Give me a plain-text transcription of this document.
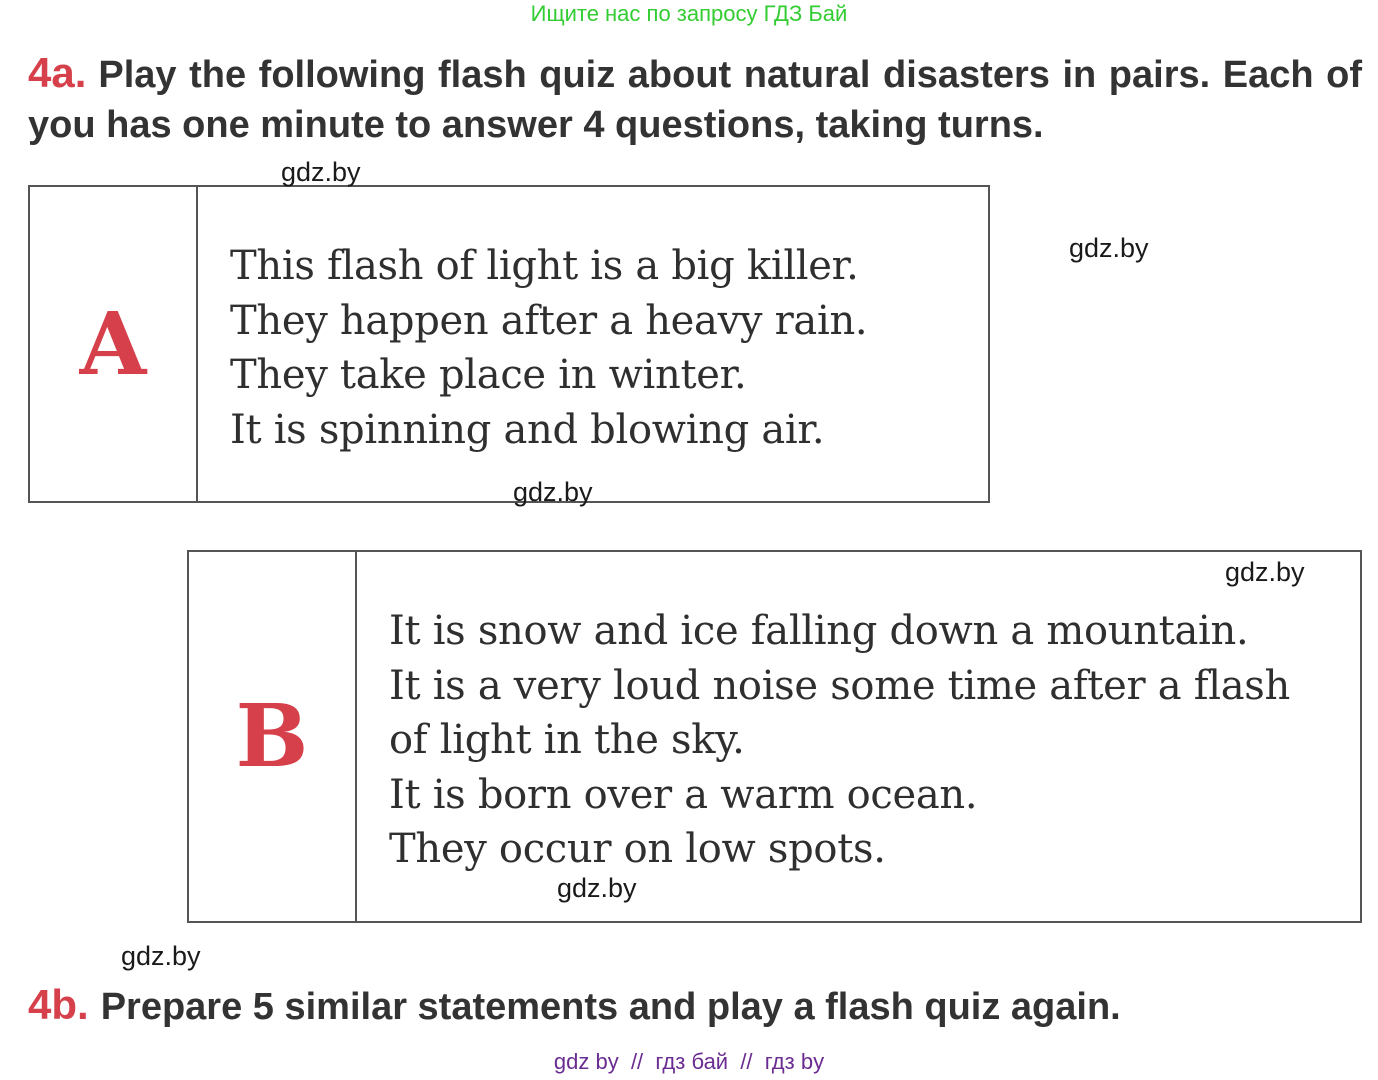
Ищите нас по запросу ГДЗ Бай
4a. Play the following flash quiz about natural disasters in pairs. Each of you has one minute to answer 4 questions, taking turns.
A
This flash of light is a big killer.
They happen after a heavy rain.
They take place in winter.
It is spinning and blowing air.
B
It is snow and ice falling down a mountain.
It is a very loud noise some time after a flash
of light in the sky.
It is born over a warm ocean.
They occur on low spots.
gdz.by
gdz.by
gdz.by
gdz.by
gdz.by
gdz.by
4b. Prepare 5 similar statements and play a flash quiz again.
gdz by  //  гдз бай  //  гдз by
